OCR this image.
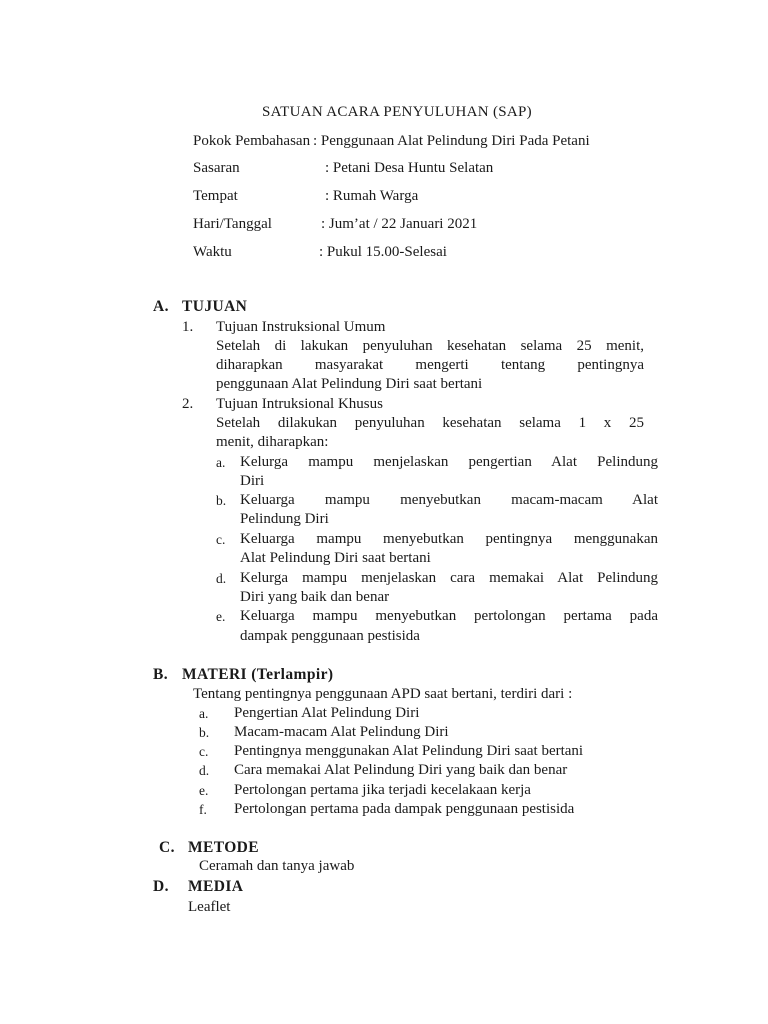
SATUAN ACARA PENYULUHAN (SAP)
Pokok Pembahasan : Penggunaan Alat Pelindung Diri Pada Petani
Sasaran	: Petani Desa Huntu Selatan
Tempat	: Rumah Warga
Hari/Tanggal	: Jum’at / 22 Januari 2021
Waktu	: Pukul 15.00-Selesai
A. TUJUAN
1. Tujuan Instruksional Umum
Setelah di lakukan penyuluhan kesehatan selama 25 menit,
diharapkan masyarakat mengerti tentang pentingnya
penggunaan Alat Pelindung Diri saat bertani
2. Tujuan Intruksional Khusus
Setelah dilakukan penyuluhan kesehatan selama 1 x 25
menit, diharapkan:
a. Kelurga mampu menjelaskan pengertian Alat Pelindung
Diri
b. Keluarga mampu menyebutkan macam-macam Alat
Pelindung Diri
c. Keluarga mampu menyebutkan pentingnya menggunakan
Alat Pelindung Diri saat bertani
d. Kelurga mampu menjelaskan cara memakai Alat Pelindung
Diri yang baik dan benar
e. Keluarga mampu menyebutkan pertolongan pertama pada
dampak penggunaan pestisida
B. MATERI (Terlampir)
Tentang pentingnya penggunaan APD saat bertani, terdiri dari :
a. Pengertian Alat Pelindung Diri
b. Macam-macam Alat Pelindung Diri
c. Pentingnya menggunakan Alat Pelindung Diri saat bertani
d. Cara memakai Alat Pelindung Diri yang baik dan benar
e. Pertolongan pertama jika terjadi kecelakaan kerja
f. Pertolongan pertama pada dampak penggunaan pestisida
C. METODE
Ceramah dan tanya jawab
D. MEDIA
Leaflet
